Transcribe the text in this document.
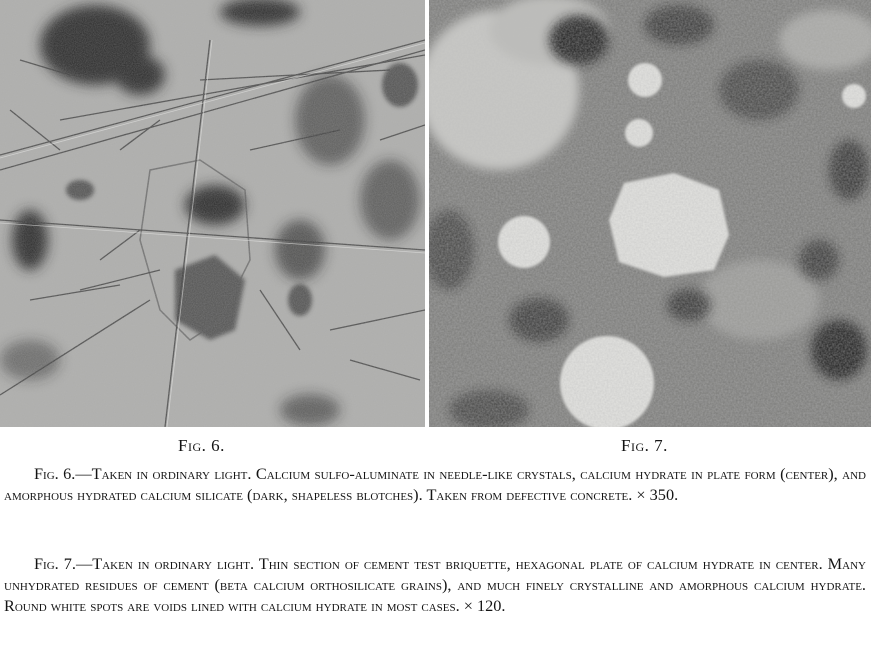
Fig. 6.	Fig. 7.

Fig. 6.—Taken in ordinary light. Calcium sulfo-aluminate in needle-like crystals, calcium hydrate in plate form (center), and amorphous hydrated calcium silicate (dark, shapeless blotches). Taken from defective concrete. × 350.

Fig. 7.—Taken in ordinary light. Thin section of cement test briquette, hexagonal plate of calcium hydrate in center. Many unhydrated residues of cement (beta calcium orthosilicate grains), and much finely crystalline and amorphous calcium hydrate. Round white spots are voids lined with calcium hydrate in most cases. × 120.
